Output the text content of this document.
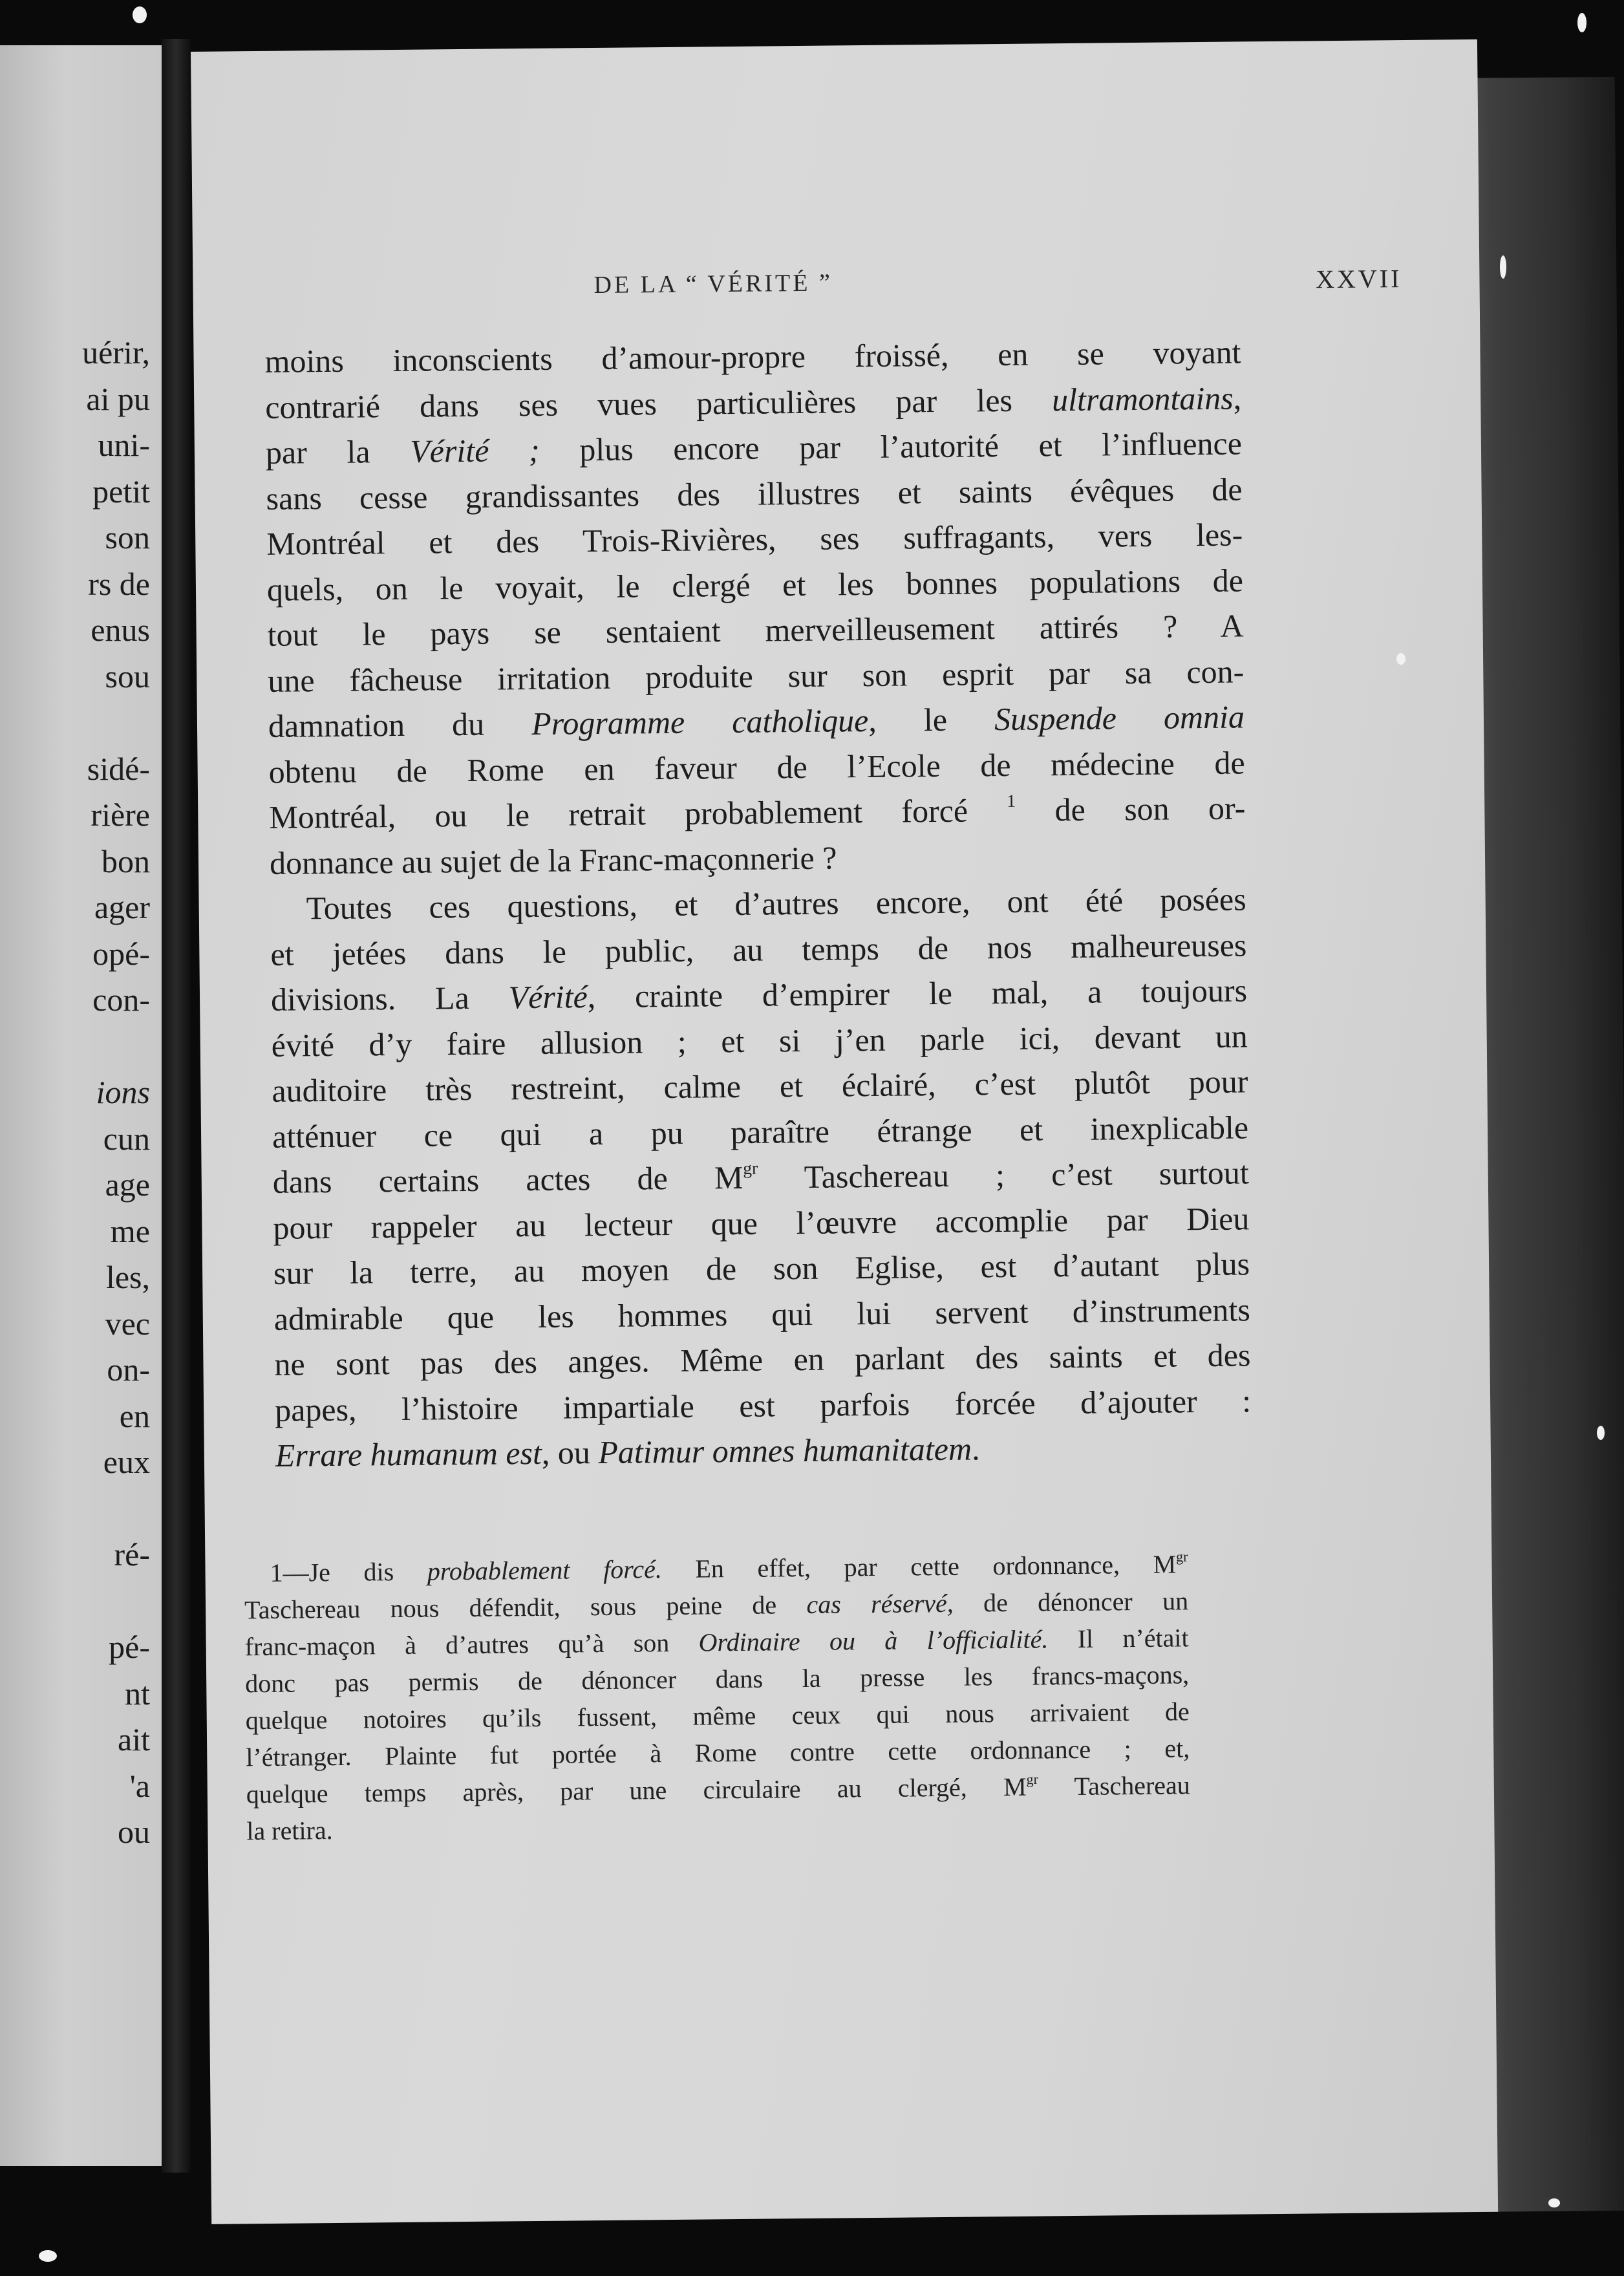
uérir,
ai pu
uni-
petit
son
rs de
enus
sou
sidé-
rière
bon
ager
opé-
con-
ions
cun
age
me
les,
vec
on-
en
eux
ré-
pé-
nt
ait
'a
ou
DE LA “ VÉRITÉ ”	XXVII
moins inconscients d’amour-propre froissé, en se voyant
contrarié dans ses vues particulières par les ultramontains,
par la Vérité ; plus encore par l’autorité et l’influence
sans cesse grandissantes des illustres et saints évêques de
Montréal et des Trois-Rivières, ses suffragants, vers les-
quels, on le voyait, le clergé et les bonnes populations de
tout le pays se sentaient merveilleusement attirés ? A
une fâcheuse irritation produite sur son esprit par sa con-
damnation du Programme catholique, le Suspende omnia
obtenu de Rome en faveur de l’Ecole de médecine de
Montréal, ou le retrait probablement forcé $^1$ de son or-
donnance au sujet de la Franc-maçonnerie ?
Toutes ces questions, et d’autres encore, ont été posées
et jetées dans le public, au temps de nos malheureuses
divisions. La Vérité, crainte d’empirer le mal, a toujours
évité d’y faire allusion ; et si j’en parle ici, devant un
auditoire très restreint, calme et éclairé, c’est plutôt pour
atténuer ce qui a pu paraître étrange et inexplicable
dans certains actes de $M^{gr}$ Taschereau ; c’est surtout
pour rappeler au lecteur que l’œuvre accomplie par Dieu
sur la terre, au moyen de son Eglise, est d’autant plus
admirable que les hommes qui lui servent d’instruments
ne sont pas des anges. Même en parlant des saints et des
papes, l’histoire impartiale est parfois forcée d’ajouter :
Errare humanum est, ou Patimur omnes humanitatem.
1—Je dis probablement forcé. En effet, par cette ordonnance, $M^{gr}$
Taschereau nous défendit, sous peine de cas réservé, de dénoncer un
franc-maçon à d’autres qu’à son Ordinaire ou à l’officialité. Il n’était
donc pas permis de dénoncer dans la presse les francs-maçons,
quelque notoires qu’ils fussent, même ceux qui nous arrivaient de
l’étranger. Plainte fut portée à Rome contre cette ordonnance ; et,
quelque temps après, par une circulaire au clergé, $M^{gr}$ Taschereau
la retira.
